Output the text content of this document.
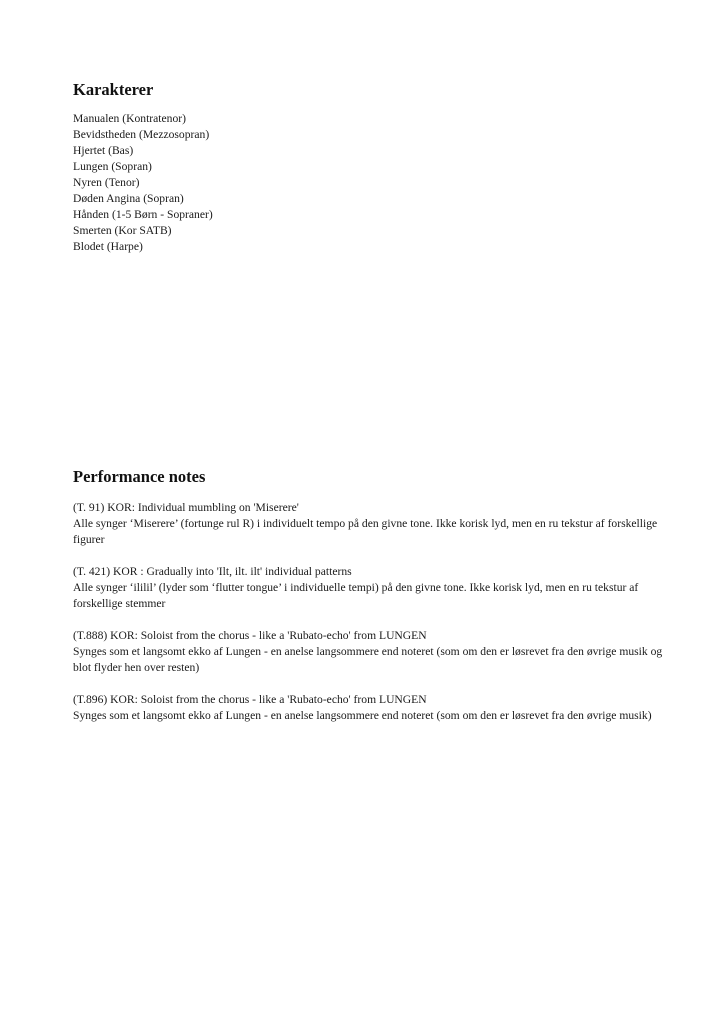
Karakterer
Manualen (Kontratenor)
Bevidstheden (Mezzosopran)
Hjertet (Bas)
Lungen (Sopran)
Nyren (Tenor)
Døden Angina (Sopran)
Hånden (1-5 Børn - Sopraner)
Smerten (Kor SATB)
Blodet (Harpe)
Performance notes

(T. 91) KOR: Individual mumbling on 'Miserere'
Alle synger ‘Miserere’ (fortunge rul R) i individuelt tempo på den givne tone. Ikke korisk lyd, men en ru tekstur af forskellige figurer

(T. 421) KOR : Gradually into 'Ilt, ilt. ilt' individual patterns
Alle synger ‘ililil’ (lyder som ‘flutter tongue’ i individuelle tempi) på den givne tone. Ikke korisk lyd, men en ru tekstur af forskellige stemmer

(T.888) KOR: Soloist from the chorus - like a 'Rubato-echo' from LUNGEN
Synges som et langsomt ekko af Lungen - en anelse langsommere end noteret (som om den er løsrevet fra den øvrige musik og blot flyder hen over resten)

(T.896) KOR: Soloist from the chorus - like a 'Rubato-echo' from LUNGEN
Synges som et langsomt ekko af Lungen - en anelse langsommere end noteret (som om den er løsrevet fra den øvrige musik)
